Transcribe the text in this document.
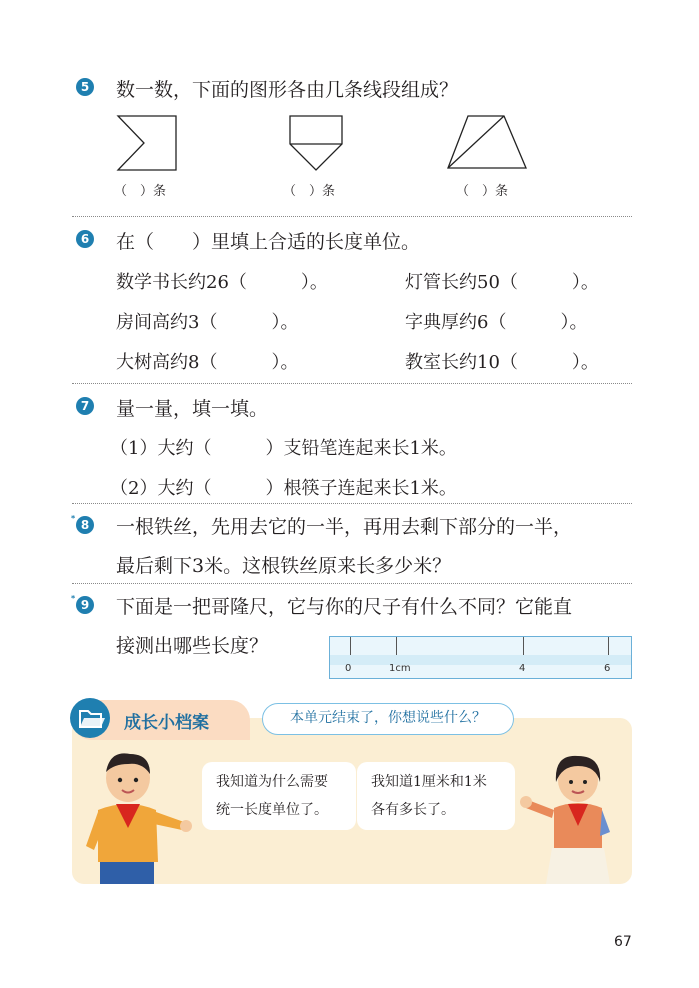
5 数一数，下面的图形各由几条线段组成？
（　）条	（　）条	（　）条
6 在（　　）里填上合适的长度单位。
数学书长约26（　　　）。	灯管长约50（　　　）。
房间高约3（　　　）。	字典厚约6（　　　）。
大树高约8（　　　）。	教室长约10（　　　）。
7 量一量，填一填。
（1）大约（　　　）支铅笔连起来长1米。
（2）大约（　　　）根筷子连起来长1米。
* 8 一根铁丝，先用去它的一半，再用去剩下部分的一半，
最后剩下3米。这根铁丝原来长多少米？
* 9 下面是一把哥隆尺，它与你的尺子有什么不同？它能直
接测出哪些长度？
0	1cm	4	6
成长小档案	本单元结束了，你想说些什么？
我知道为什么需要
统一长度单位了。
我知道1厘米和1米
各有多长了。
67
